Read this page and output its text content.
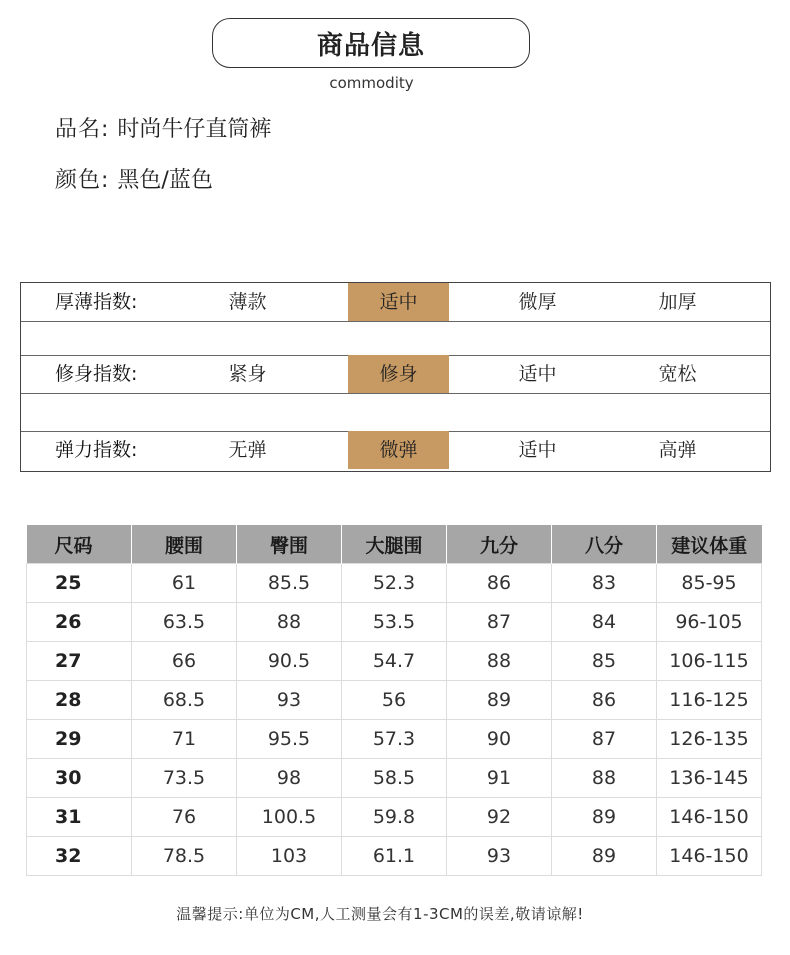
商品信息
commodity
品名: 时尚牛仔直筒裤
颜色: 黑色/蓝色
厚薄指数:	薄款	适中	微厚	加厚
修身指数:	紧身	修身	适中	宽松
弹力指数:	无弹	微弹	适中	高弹
尺码	腰围	臀围	大腿围	九分	八分	建议体重
25	61	85.5	52.3	86	83	85-95
26	63.5	88	53.5	87	84	96-105
27	66	90.5	54.7	88	85	106-115
28	68.5	93	56	89	86	116-125
29	71	95.5	57.3	90	87	126-135
30	73.5	98	58.5	91	88	136-145
31	76	100.5	59.8	92	89	146-150
32	78.5	103	61.1	93	89	146-150
温馨提示:单位为CM,人工测量会有1-3CM的误差,敬请谅解!
